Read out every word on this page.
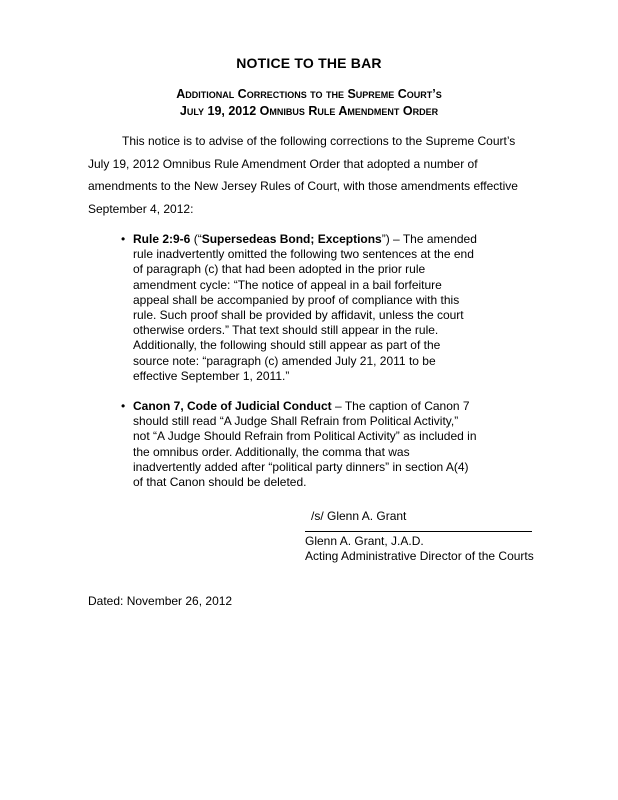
NOTICE TO THE BAR
Additional Corrections to the Supreme Court’s
July 19, 2012 Omnibus Rule Amendment Order
This notice is to advise of the following corrections to the Supreme Court’s July 19, 2012 Omnibus Rule Amendment Order that adopted a number of amendments to the New Jersey Rules of Court, with those amendments effective September 4, 2012:
• Rule 2:9-6 (“Supersedeas Bond; Exceptions”) – The amended rule inadvertently omitted the following two sentences at the end of paragraph (c) that had been adopted in the prior rule amendment cycle: “The notice of appeal in a bail forfeiture appeal shall be accompanied by proof of compliance with this rule. Such proof shall be provided by affidavit, unless the court otherwise orders.” That text should still appear in the rule. Additionally, the following should still appear as part of the source note: “paragraph (c) amended July 21, 2011 to be effective September 1, 2011.”
• Canon 7, Code of Judicial Conduct – The caption of Canon 7 should still read “A Judge Shall Refrain from Political Activity,” not “A Judge Should Refrain from Political Activity” as included in the omnibus order. Additionally, the comma that was inadvertently added after “political party dinners” in section A(4) of that Canon should be deleted.
/s/ Glenn A. Grant
Glenn A. Grant, J.A.D.
Acting Administrative Director of the Courts
Dated: November 26, 2012
